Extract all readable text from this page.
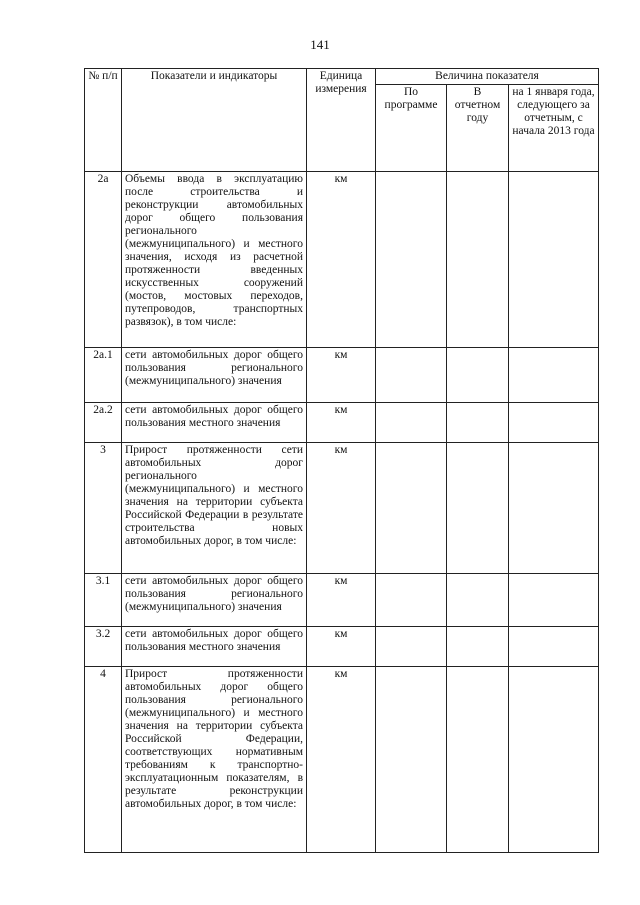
141
№ п/п	Показатели и индикаторы	Единица измерения	Величина показателя		
			По программе	В отчетном году	на 1 января года, следующего за отчетным, с начала 2013 года
2а	Объемы ввода в эксплуатацию после строительства и реконструкции автомобильных дорог общего пользования регионального (межмуниципального) и местного значения, исходя из расчетной протяженности введенных искусственных сооружений (мостов, мостовых переходов, путепроводов, транспортных развязок), в том числе:	км			
2а.1	сети автомобильных дорог общего пользования регионального (межмуниципального) значения	км			
2а.2	сети автомобильных дорог общего пользования местного значения	км			
3	Прирост протяженности сети автомобильных дорог регионального (межмуниципального) и местного значения на территории субъекта Российской Федерации в результате строительства новых автомобильных дорог, в том числе:	км			
3.1	сети автомобильных дорог общего пользования регионального (межмуниципального) значения	км			
3.2	сети автомобильных дорог общего пользования местного значения	км			
4	Прирост протяженности автомобильных дорог общего пользования регионального (межмуниципального) и местного значения на территории субъекта Российской Федерации, соответствующих нормативным требованиям к транспортно-эксплуатационным показателям, в результате реконструкции автомобильных дорог, в том числе:	км			
